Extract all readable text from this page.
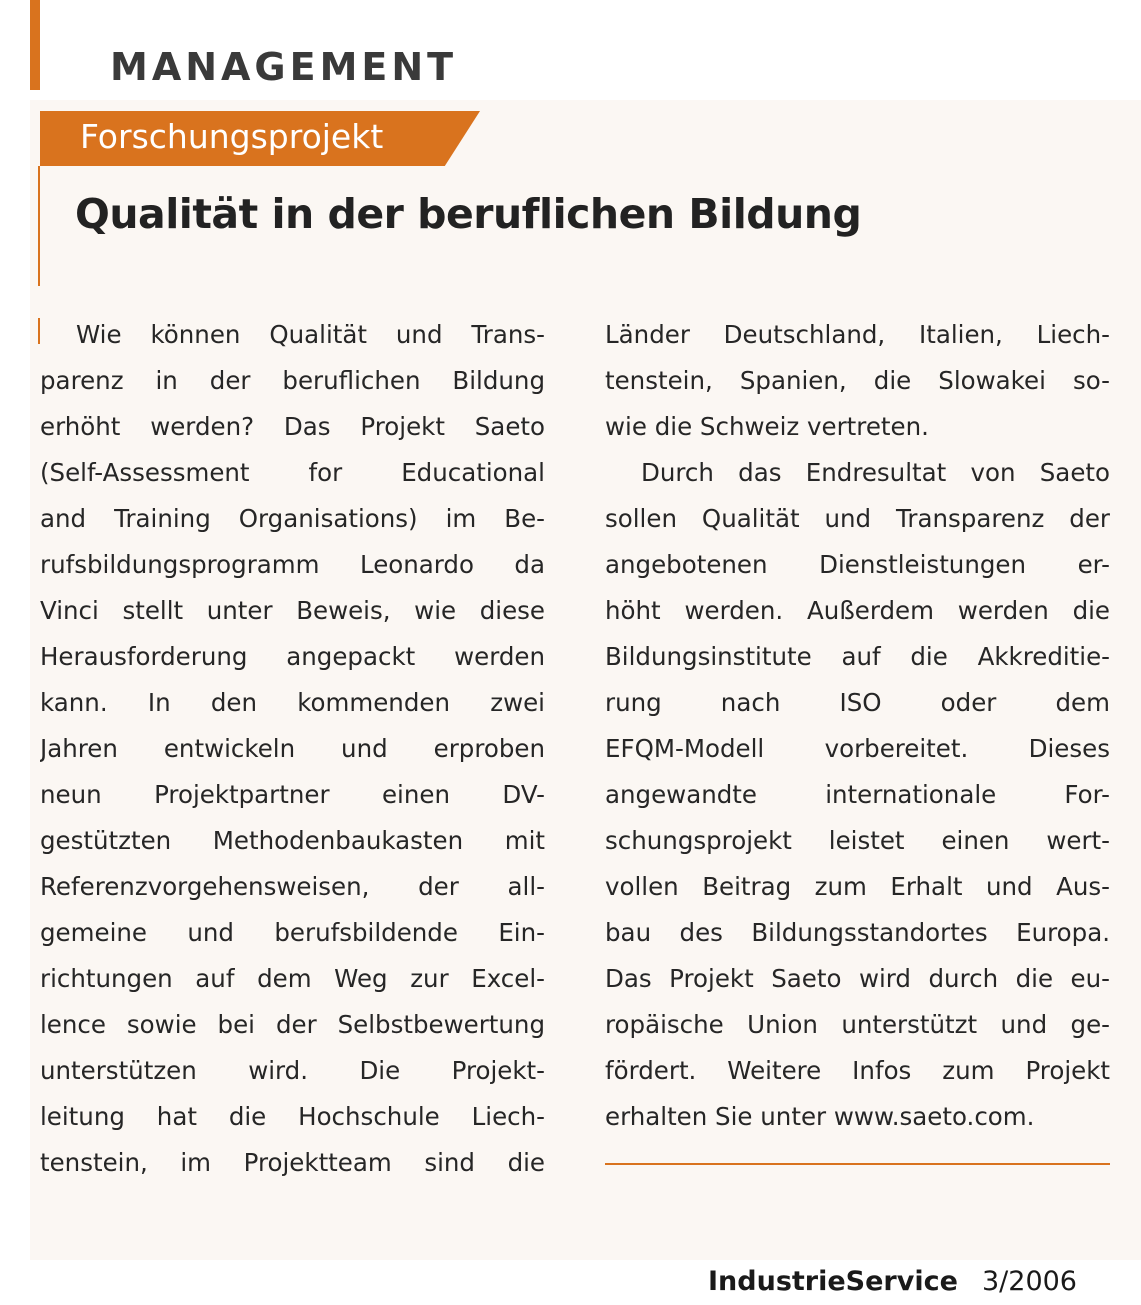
MANAGEMENT
Forschungsprojekt
Qualität in der beruflichen Bildung
Wie können Qualität und Trans-
parenz in der beruflichen Bildung
erhöht werden? Das Projekt Saeto
(Self-Assessment for Educational
and Training Organisations) im Be-
rufsbildungsprogramm Leonardo da
Vinci stellt unter Beweis, wie diese
Herausforderung angepackt werden
kann. In den kommenden zwei
Jahren entwickeln und erproben
neun Projektpartner einen DV-
gestützten Methodenbaukasten mit
Referenzvorgehensweisen, der all-
gemeine und berufsbildende Ein-
richtungen auf dem Weg zur Excel-
lence sowie bei der Selbstbewertung
unterstützen wird. Die Projekt-
leitung hat die Hochschule Liech-
tenstein, im Projektteam sind die
Länder Deutschland, Italien, Liech-
tenstein, Spanien, die Slowakei so-
wie die Schweiz vertreten.
Durch das Endresultat von Saeto
sollen Qualität und Transparenz der
angebotenen Dienstleistungen er-
höht werden. Außerdem werden die
Bildungsinstitute auf die Akkreditie-
rung nach ISO oder dem
EFQM-Modell vorbereitet. Dieses
angewandte internationale For-
schungsprojekt leistet einen wert-
vollen Beitrag zum Erhalt und Aus-
bau des Bildungsstandortes Europa.
Das Projekt Saeto wird durch die eu-
ropäische Union unterstützt und ge-
fördert. Weitere Infos zum Projekt
erhalten Sie unter www.saeto.com.
IndustrieService 3/2006
